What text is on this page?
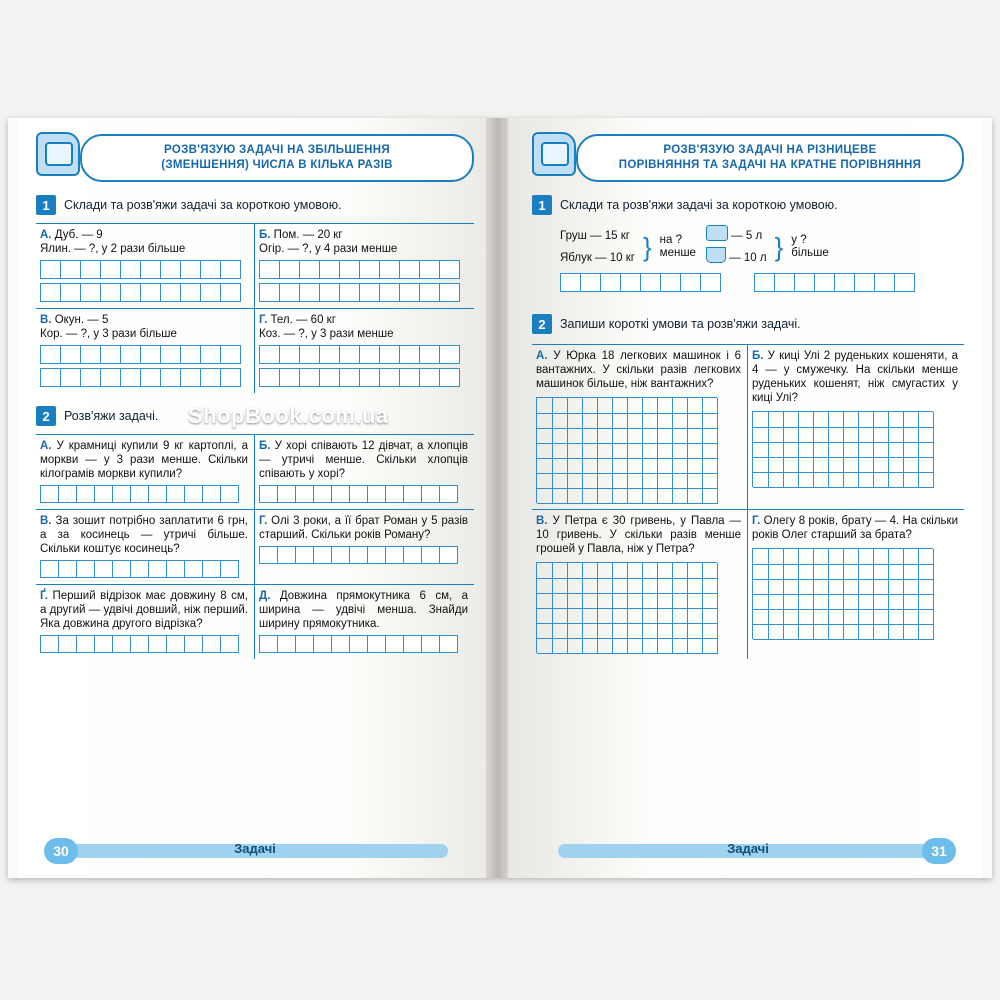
РОЗВ'ЯЗУЮ ЗАДАЧІ НА ЗБІЛЬШЕННЯ
(ЗМЕНШЕННЯ) ЧИСЛА В КІЛЬКА РАЗІВ
1	Склади та розв'яжи задачі за короткою умовою.
А. Дуб. — 9
Ялин. — ?, у 2 рази більше
Б. Пом. — 20 кг
Огір. — ?, у 4 рази менше
В. Окун. — 5
Кор. — ?, у 3 рази більше
Г. Тел. — 60 кг
Коз. — ?, у 3 рази менше
2	Розв'яжи задачі.
А. У крамниці купили 9 кг картоплі, а моркви — у 3 рази менше. Скільки кілограмів моркви купили?
Б. У хорі співають 12 дівчат, а хлопців — утричі менше. Скільки хлопців співають у хорі?
В. За зошит потрібно заплатити 6 грн, а за косинець — утричі більше. Скільки коштує косинець?
Г. Олі 3 роки, а її брат Роман у 5 разів старший. Скільки років Роману?
Ґ. Перший відрізок має довжину 8 см, а другий — удвічі довший, ніж перший. Яка довжина другого відрізка?
Д. Довжина прямокутника 6 см, а ширина — удвічі менша. Знайди ширину прямокутника.
Задачі
30
РОЗВ'ЯЗУЮ ЗАДАЧІ НА РІЗНИЦЕВЕ
ПОРІВНЯННЯ ТА ЗАДАЧІ НА КРАТНЕ ПОРІВНЯННЯ
1	Склади та розв'яжи задачі за короткою умовою.
Груш — 15 кг
Яблук — 10 кг } на ?
менше
— 5 л
— 10 л } у ?
більше
2	Запиши короткі умови та розв'яжи задачі.
А. У Юрка 18 легкових машинок і 6 вантажних. У скільки разів легкових машинок більше, ніж вантажних?
Б. У киці Улі 2 руденьких кошеняти, а 4 — у смужечку. На скільки менше руденьких кошенят, ніж смугастих у киці Улі?
В. У Петра є 30 гривень, у Павла — 10 гривень. У скільки разів менше грошей у Павла, ніж у Петра?
Г. Олегу 8 років, брату — 4. На скільки років Олег старший за брата?
Задачі	31
ShopBook.com.ua
